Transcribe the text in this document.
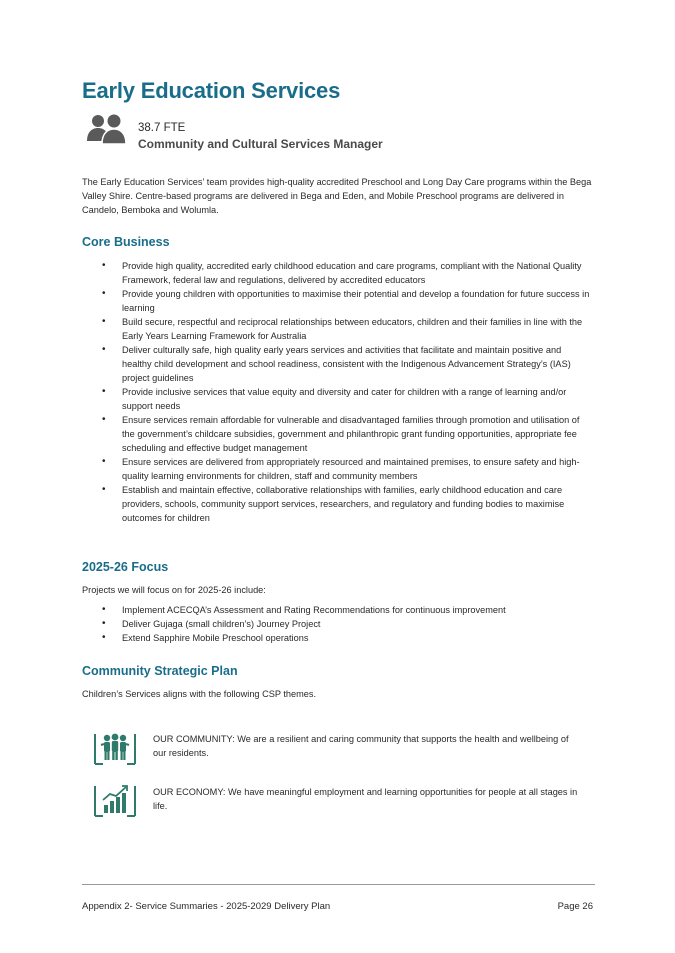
Early Education Services
38.7 FTE
Community and Cultural Services Manager

The Early Education Services’ team provides high-quality accredited Preschool and Long Day Care programs within the Bega Valley Shire. Centre-based programs are delivered in Bega and Eden, and Mobile Preschool programs are delivered in Candelo, Bemboka and Wolumla.

Core Business
• Provide high quality, accredited early childhood education and care programs, compliant with the National Quality Framework, federal law and regulations, delivered by accredited educators
• Provide young children with opportunities to maximise their potential and develop a foundation for future success in learning
• Build secure, respectful and reciprocal relationships between educators, children and their families in line with the Early Years Learning Framework for Australia
• Deliver culturally safe, high quality early years services and activities that facilitate and maintain positive and healthy child development and school readiness, consistent with the Indigenous Advancement Strategy’s (IAS) project guidelines
• Provide inclusive services that value equity and diversity and cater for children with a range of learning and/or support needs
• Ensure services remain affordable for vulnerable and disadvantaged families through promotion and utilisation of the government’s childcare subsidies, government and philanthropic grant funding opportunities, appropriate fee scheduling and effective budget management
• Ensure services are delivered from appropriately resourced and maintained premises, to ensure safety and high-quality learning environments for children, staff and community members
• Establish and maintain effective, collaborative relationships with families, early childhood education and care providers, schools, community support services, researchers, and regulatory and funding bodies to maximise outcomes for children
2025-26 Focus

Projects we will focus on for 2025-26 include:

• Implement ACECQA’s Assessment and Rating Recommendations for continuous improvement
• Deliver Gujaga (small children’s) Journey Project
• Extend Sapphire Mobile Preschool operations
Community Strategic Plan

Children’s Services aligns with the following CSP themes.

OUR COMMUNITY: We are a resilient and caring community that supports the health and wellbeing of our residents.

OUR ECONOMY: We have meaningful employment and learning opportunities for people at all stages in life.

Appendix 2- Service Summaries - 2025-2029 Delivery Plan	Page 26
